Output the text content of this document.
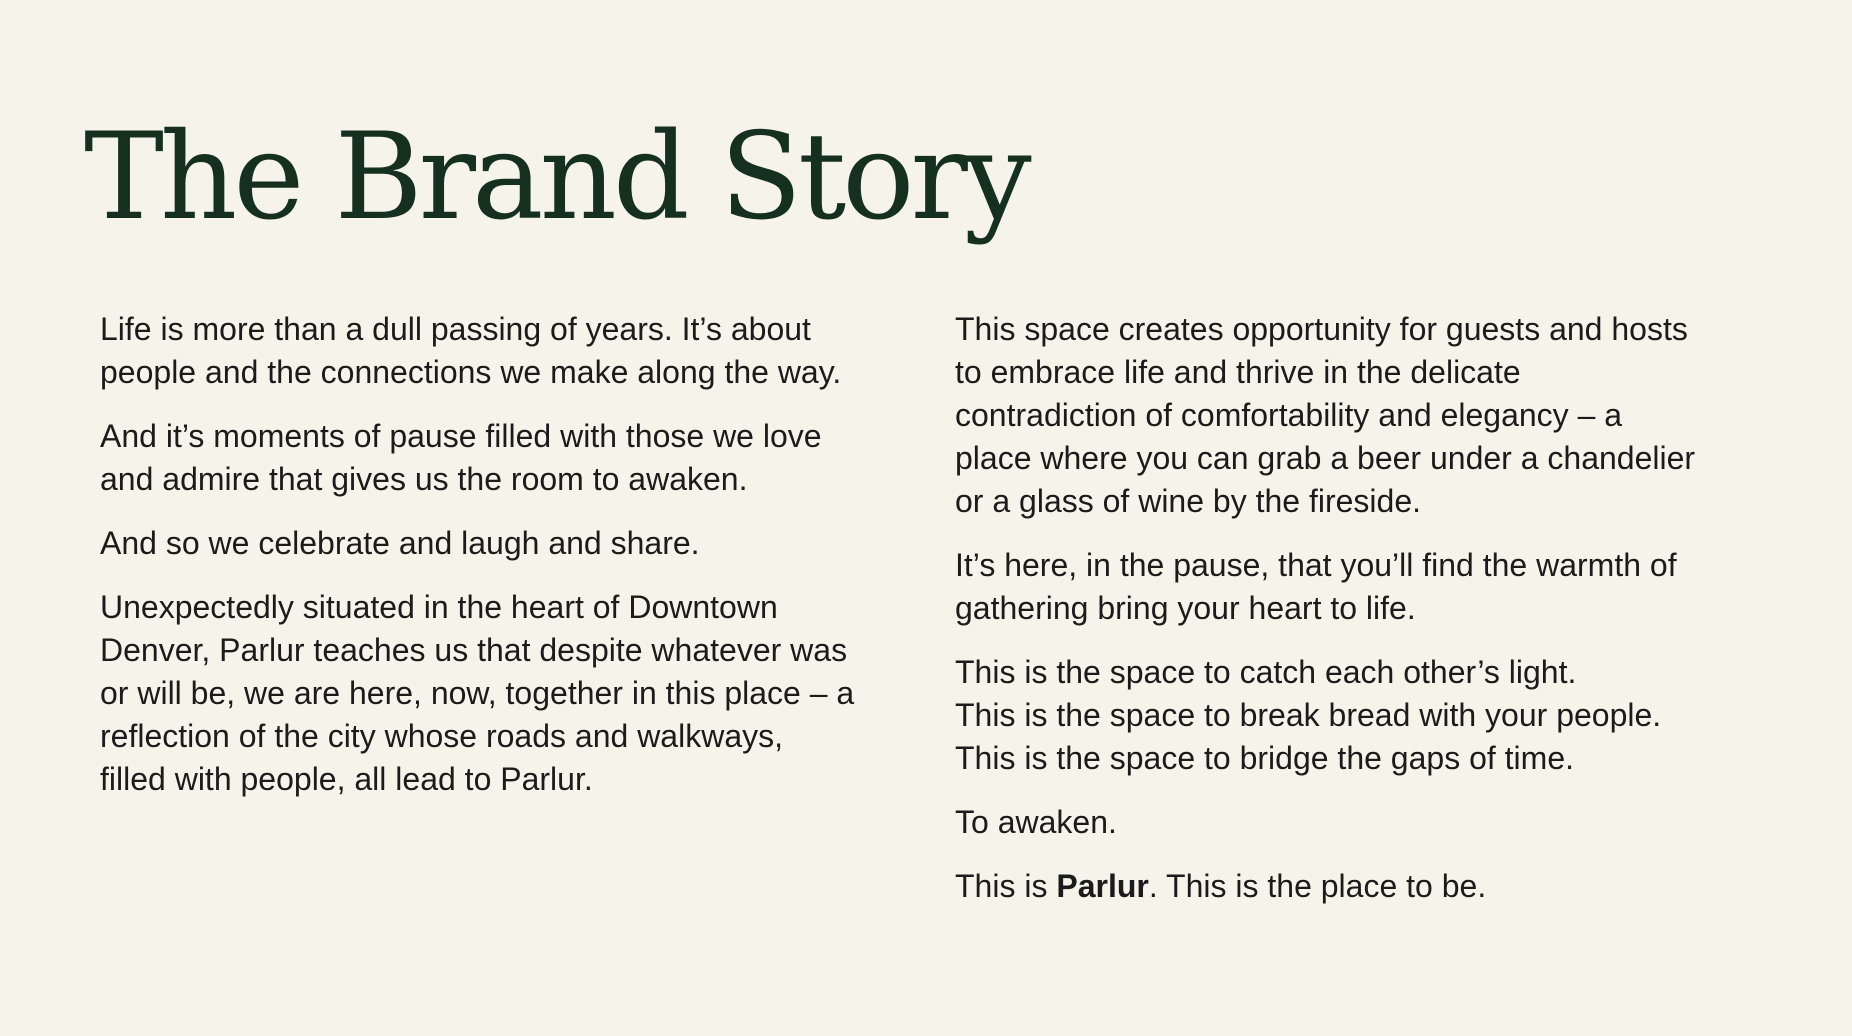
The Brand Story

Life is more than a dull passing of years. It’s about
people and the connections we make along the way.

And it’s moments of pause filled with those we love
and admire that gives us the room to awaken.

And so we celebrate and laugh and share.

Unexpectedly situated in the heart of Downtown
Denver, Parlur teaches us that despite whatever was
or will be, we are here, now, together in this place – a
reflection of the city whose roads and walkways,
filled with people, all lead to Parlur.

This space creates opportunity for guests and hosts
to embrace life and thrive in the delicate
contradiction of comfortability and elegancy – a
place where you can grab a beer under a chandelier
or a glass of wine by the fireside.

It’s here, in the pause, that you’ll find the warmth of
gathering bring your heart to life.

This is the space to catch each other’s light.
This is the space to break bread with your people.
This is the space to bridge the gaps of time.

To awaken.

This is Parlur. This is the place to be.
